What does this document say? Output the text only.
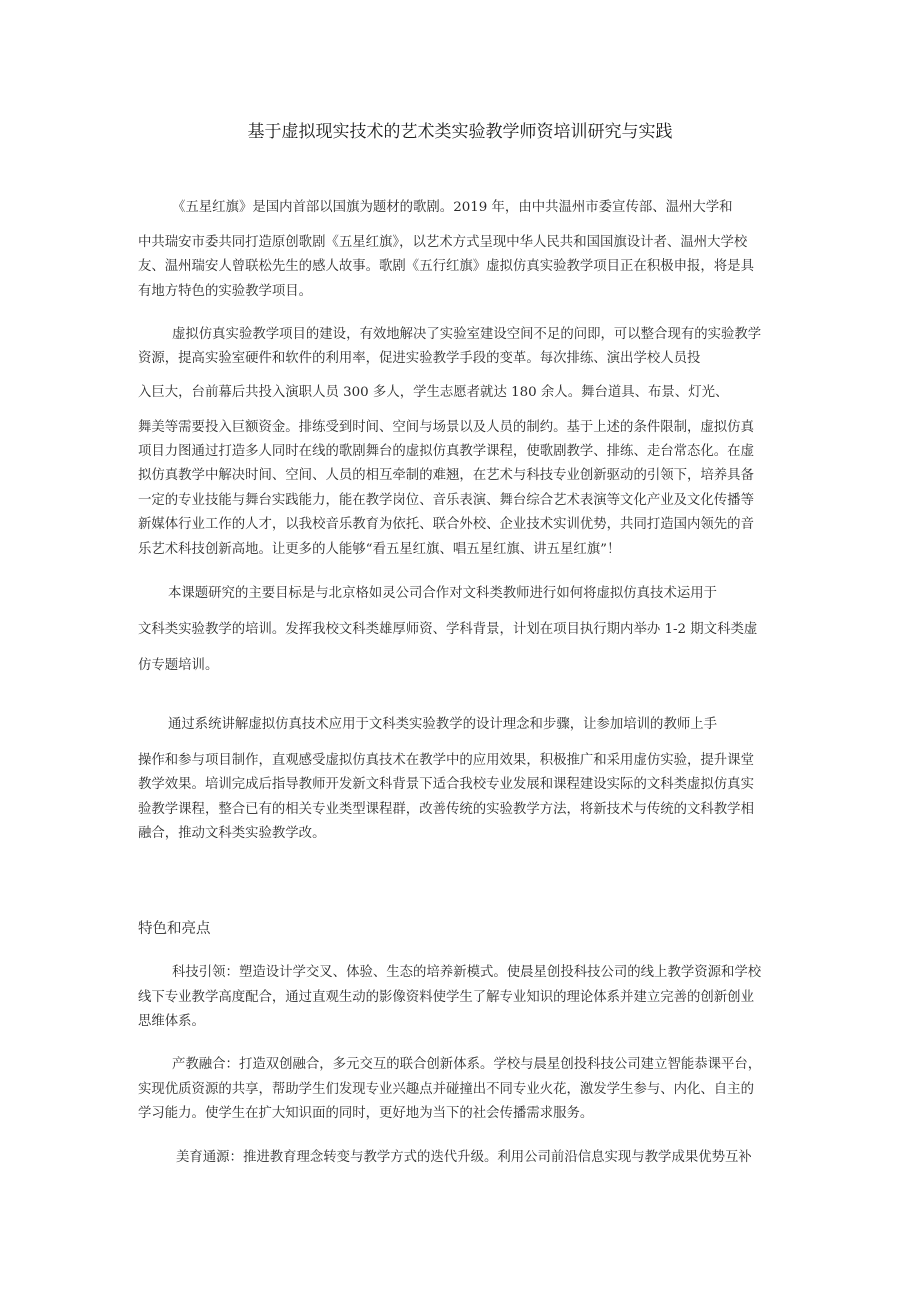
基于虚拟现实技术的艺术类实验教学师资培训研究与实践
《五星红旗》是国内首部以国旗为题材的歌剧。2019 年，由中共温州市委宣传部、温州大学和
中共瑞安市委共同打造原创歌剧《五星红旗》，以艺术方式呈现中华人民共和国国旗设计者、温州大学校
友、温州瑞安人曾联松先生的感人故事。歌剧《五行红旗》虚拟仿真实验教学项目正在积极申报，将是具
有地方特色的实验教学项目。
虚拟仿真实验教学项目的建设，有效地解决了实验室建设空间不足的问即，可以整合现有的实验教学
资源，提高实验室硬件和软件的利用率，促进实验教学手段的变革。每次排练、演出学校人员投
入巨大，台前幕后共投入演职人员 300 多人，学生志愿者就达 180 余人。舞台道具、布景、灯光、
舞美等需要投入巨额资金。排练受到时间、空间与场景以及人员的制约。基于上述的条件限制，虚拟仿真
项目力图通过打造多人同时在线的歌剧舞台的虚拟仿真教学课程，使歌剧教学、排练、走台常态化。在虚
拟仿真教学中解决时间、空间、人员的相互牵制的难翘，在艺术与科技专业创新驱动的引领下，培养具备
一定的专业技能与舞台实践能力，能在教学岗位、音乐表演、舞台综合艺术表演等文化产业及文化传播等
新媒体行业工作的人才，以我校音乐教育为依托、联合外校、企业技术实训优势，共同打造国内领先的音
乐艺术科技创新高地。让更多的人能够“看五星红旗、唱五星红旗、讲五星红旗”！
本课题研究的主要目标是与北京格如灵公司合作对文科类教师进行如何将虚拟仿真技术运用于
文科类实验教学的培训。发挥我校文科类雄厚师资、学科背景，计划在项目执行期内举办 1-2 期文科类虚
仿专题培训。
通过系统讲解虚拟仿真技术应用于文科类实验教学的设计理念和步骤，让参加培训的教师上手
操作和参与项目制作，直观感受虚拟仿真技术在教学中的应用效果，积极推广和采用虚仿实验，提升课堂
教学效果。培训完成后指导教师开发新文科背景下适合我校专业发展和课程建设实际的文科类虚拟仿真实
验教学课程，整合已有的相关专业类型课程群，改善传统的实验教学方法，将新技术与传统的文科教学相
融合，推动文科类实验教学改。
特色和亮点
科技引领：塑造设计学交叉、体验、生态的培养新模式。使晨星创投科技公司的线上教学资源和学校
线下专业教学高度配合，通过直观生动的影像资料使学生了解专业知识的理论体系并建立完善的创新创业
思维体系。
产教融合：打造双创融合，多元交互的联合创新体系。学校与晨星创投科技公司建立智能恭课平台，
实现优质资源的共享，帮助学生们发现专业兴趣点并碰撞出不同专业火花，激发学生参与、内化、自主的
学习能力。使学生在扩大知识面的同时，更好地为当下的社会传播需求服务。
美育通源：推进教育理念转变与教学方式的迭代升级。利用公司前沿信息实现与教学成果优势互补
